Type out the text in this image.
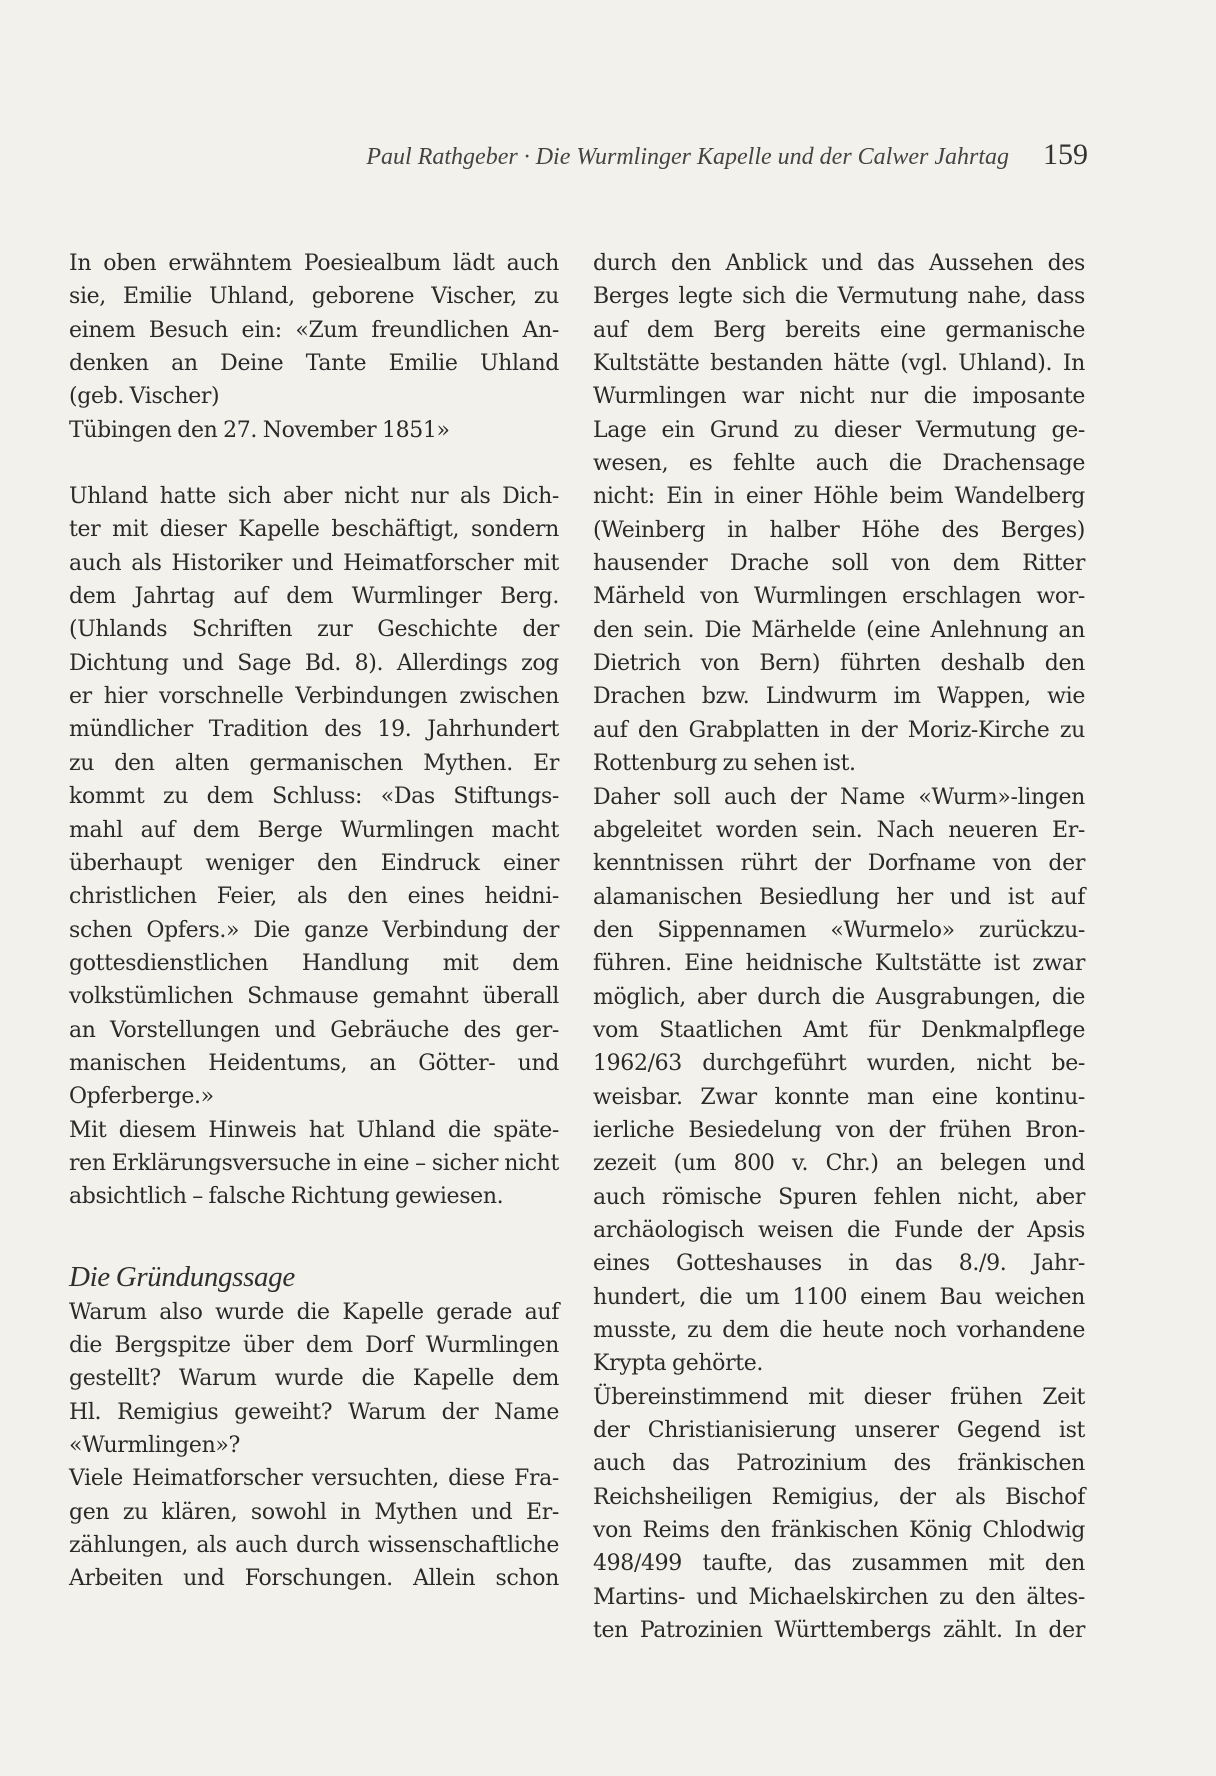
Paul Rathgeber · Die Wurmlinger Kapelle und der Calwer Jahrtag 159
In oben erwähntem Poesiealbum lädt auch
sie, Emilie Uhland, geborene Vischer, zu
einem Besuch ein: «Zum freundlichen An-
denken an Deine Tante Emilie Uhland
(geb. Vischer)
Tübingen den 27. November 1851»
Uhland hatte sich aber nicht nur als Dich-
ter mit dieser Kapelle beschäftigt, sondern
auch als Historiker und Heimatforscher mit
dem Jahrtag auf dem Wurmlinger Berg.
(Uhlands Schriften zur Geschichte der
Dichtung und Sage Bd. 8). Allerdings zog
er hier vorschnelle Verbindungen zwischen
mündlicher Tradition des 19. Jahrhundert
zu den alten germanischen Mythen. Er
kommt zu dem Schluss: «Das Stiftungs-
mahl auf dem Berge Wurmlingen macht
überhaupt weniger den Eindruck einer
christlichen Feier, als den eines heidni-
schen Opfers.» Die ganze Verbindung der
gottesdienstlichen Handlung mit dem
volkstümlichen Schmause gemahnt überall
an Vorstellungen und Gebräuche des ger-
manischen Heidentums, an Götter- und
Opferberge.»
Mit diesem Hinweis hat Uhland die späte-
ren Erklärungsversuche in eine – sicher nicht
absichtlich – falsche Richtung gewiesen.
Die Gründungssage
Warum also wurde die Kapelle gerade auf
die Bergspitze über dem Dorf Wurmlingen
gestellt? Warum wurde die Kapelle dem
Hl. Remigius geweiht? Warum der Name
«Wurmlingen»?
Viele Heimatforscher versuchten, diese Fra-
gen zu klären, sowohl in Mythen und Er-
zählungen, als auch durch wissenschaftliche
Arbeiten und Forschungen. Allein schon
durch den Anblick und das Aussehen des
Berges legte sich die Vermutung nahe, dass
auf dem Berg bereits eine germanische
Kultstätte bestanden hätte (vgl. Uhland). In
Wurmlingen war nicht nur die imposante
Lage ein Grund zu dieser Vermutung ge-
wesen, es fehlte auch die Drachensage
nicht: Ein in einer Höhle beim Wandelberg
(Weinberg in halber Höhe des Berges)
hausender Drache soll von dem Ritter
Märheld von Wurmlingen erschlagen wor-
den sein. Die Märhelde (eine Anlehnung an
Dietrich von Bern) führten deshalb den
Drachen bzw. Lindwurm im Wappen, wie
auf den Grabplatten in der Moriz-Kirche zu
Rottenburg zu sehen ist.
Daher soll auch der Name «Wurm»-lingen
abgeleitet worden sein. Nach neueren Er-
kenntnissen rührt der Dorfname von der
alamanischen Besiedlung her und ist auf
den Sippennamen «Wurmelo» zurückzu-
führen. Eine heidnische Kultstätte ist zwar
möglich, aber durch die Ausgrabungen, die
vom Staatlichen Amt für Denkmalpflege
1962/63 durchgeführt wurden, nicht be-
weisbar. Zwar konnte man eine kontinu-
ierliche Besiedelung von der frühen Bron-
zezeit (um 800 v. Chr.) an belegen und
auch römische Spuren fehlen nicht, aber
archäologisch weisen die Funde der Apsis
eines Gotteshauses in das 8./9. Jahr-
hundert, die um 1100 einem Bau weichen
musste, zu dem die heute noch vorhandene
Krypta gehörte.
Übereinstimmend mit dieser frühen Zeit
der Christianisierung unserer Gegend ist
auch das Patrozinium des fränkischen
Reichsheiligen Remigius, der als Bischof
von Reims den fränkischen König Chlodwig
498/499 taufte, das zusammen mit den
Martins- und Michaelskirchen zu den ältes-
ten Patrozinien Württembergs zählt. In der
